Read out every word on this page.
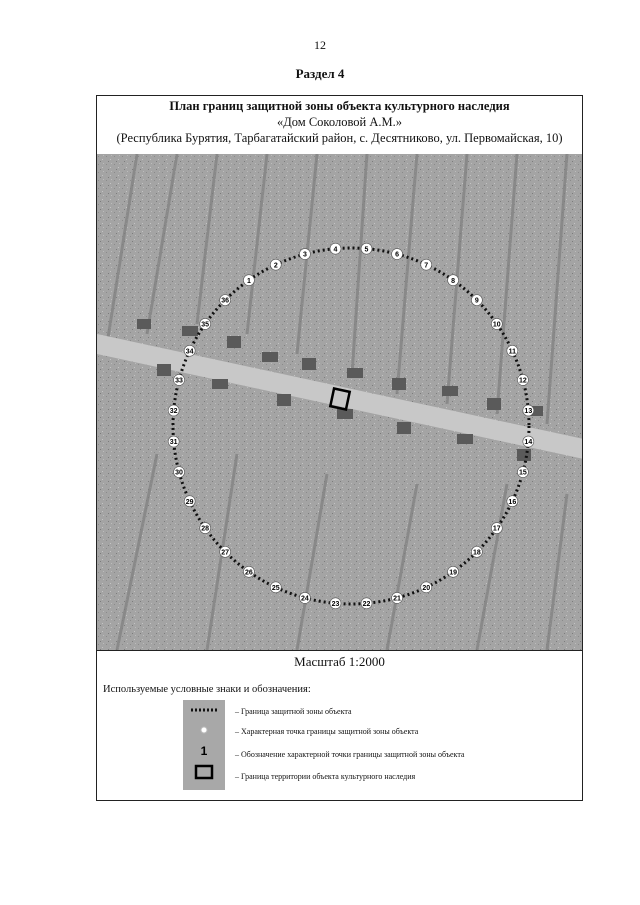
12
Раздел 4
План границ защитной зоны объекта культурного наследия
«Дом Соколовой А.М.»
(Республика Бурятия, Тарбагатайский район, с. Десятниково, ул. Первомайская, 10)
1
2
3
4	5
6
7
8
9
10
11
12
13
14
15
16
17
18
19
20
21
22
23
24
25
26
27
28
29
30
31
32
33
34
35
36
Масштаб 1:2000
Используемые условные знаки и обозначения:
1
– Граница защитной зоны объекта
– Характерная точка границы защитной зоны объекта
– Обозначение характерной точки границы защитной зоны объекта
– Граница территории объекта культурного наследия
